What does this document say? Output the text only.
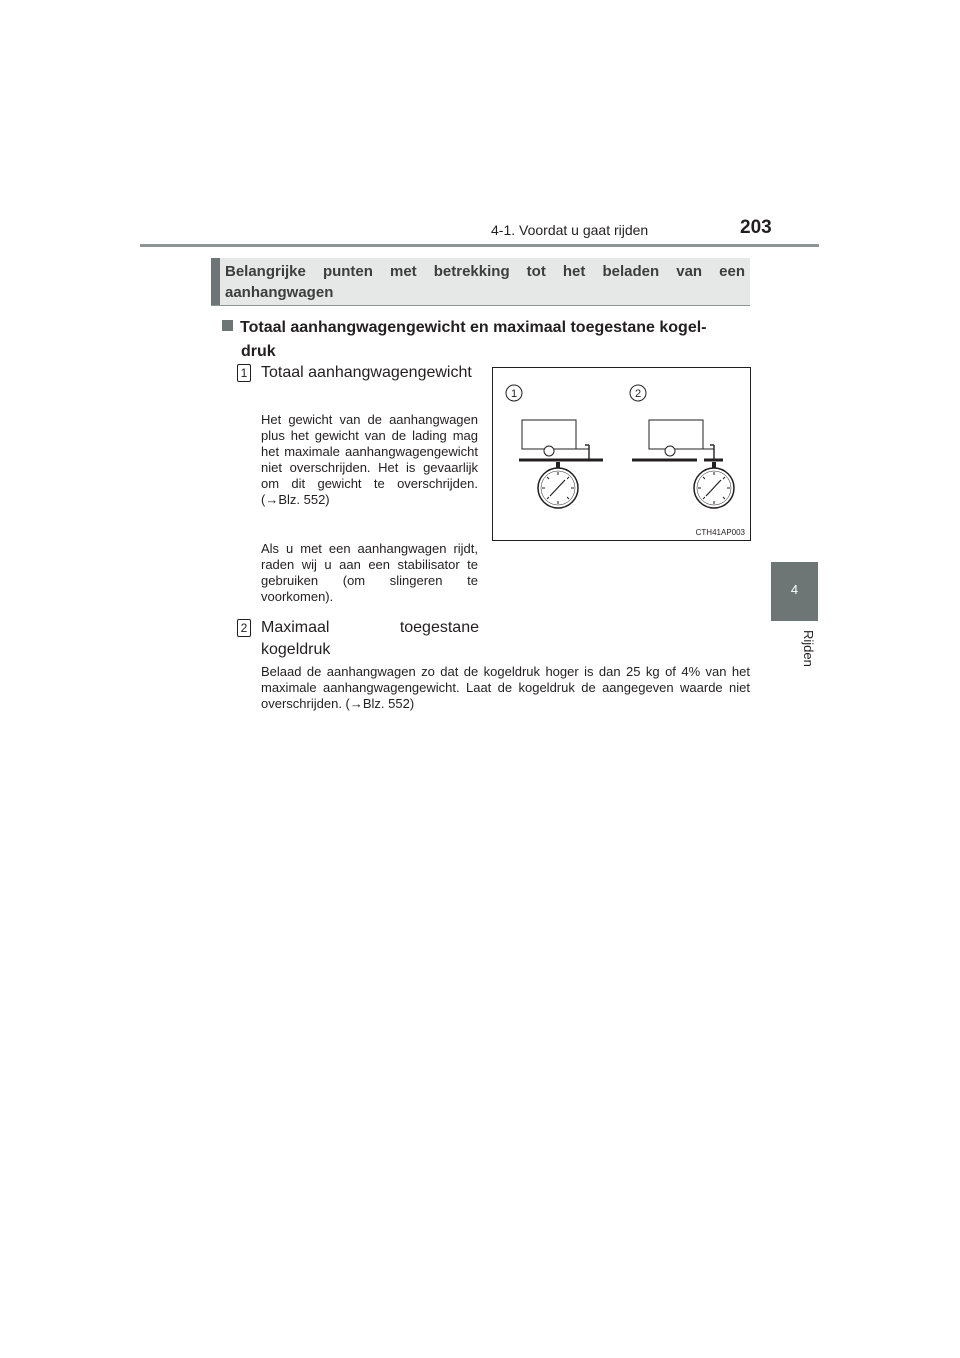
4-1. Voordat u gaat rijden	203
4
Rijden
Belangrijke punten met betrekking tot het beladen van een aanhangwagen
Totaal aanhangwagengewicht en maximaal toegestane kogel-
druk
1 Totaal aanhangwagengewicht
Het gewicht van de aanhangwagen plus het gewicht van de lading mag het maximale aanhangwagengewicht niet overschrijden. Het is gevaarlijk om dit gewicht te overschrijden. (→Blz. 552)
Als u met een aanhangwagen rijdt, raden wij u aan een stabilisator te gebruiken (om slingeren te voorkomen).
1	2
CTH41AP003
2 Maximaal toegestane kogeldruk
Belaad de aanhangwagen zo dat de kogeldruk hoger is dan 25 kg of 4% van het maximale aanhangwagengewicht. Laat de kogeldruk de aangegeven waarde niet overschrijden. (→Blz. 552)
